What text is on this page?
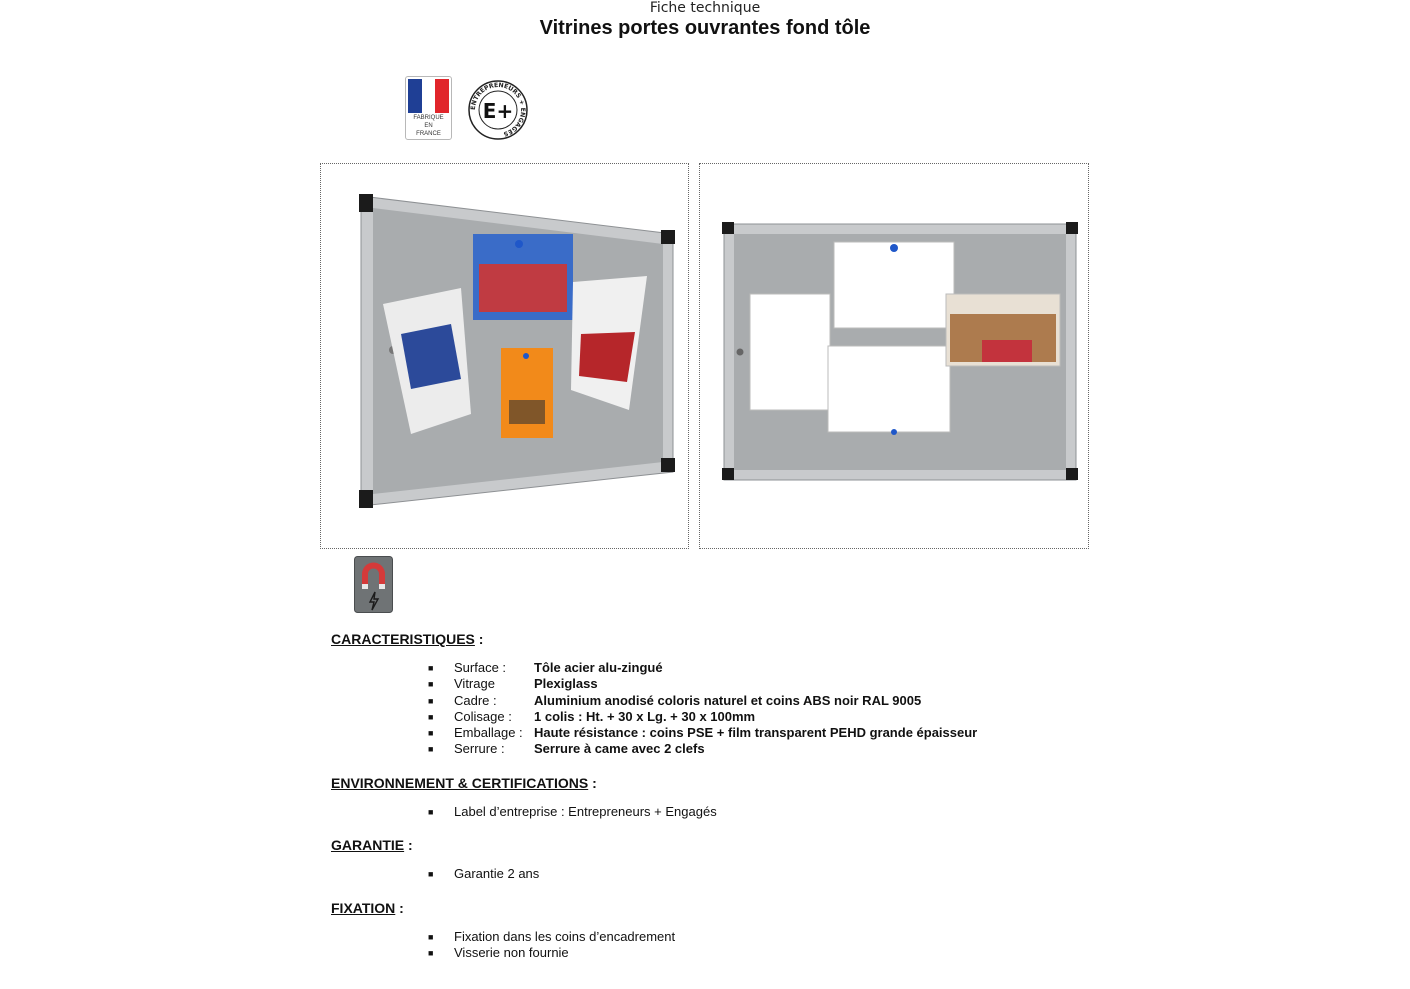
Fiche technique
Vitrines portes ouvrantes fond tôle
FABRIQUE
EN
FRANCE
ENTREPRENEURS + ENGAGÉS
E+
CARACTERISTIQUES :
■ Surface : Tôle acier alu-zingué
■ Vitrage	Plexiglass
■ Cadre :	Aluminium anodisé coloris naturel et coins ABS noir RAL 9005
■ Colisage : 1 colis : Ht. + 30 x Lg. + 30 x 100mm
■ Emballage : Haute résistance : coins PSE + film transparent PEHD grande épaisseur
■ Serrure : Serrure à came avec 2 clefs
ENVIRONNEMENT & CERTIFICATIONS :
■ Label d’entreprise : Entrepreneurs + Engagés
GARANTIE :
■ Garantie 2 ans
FIXATION :
■ Fixation dans les coins d’encadrement
■ Visserie non fournie
